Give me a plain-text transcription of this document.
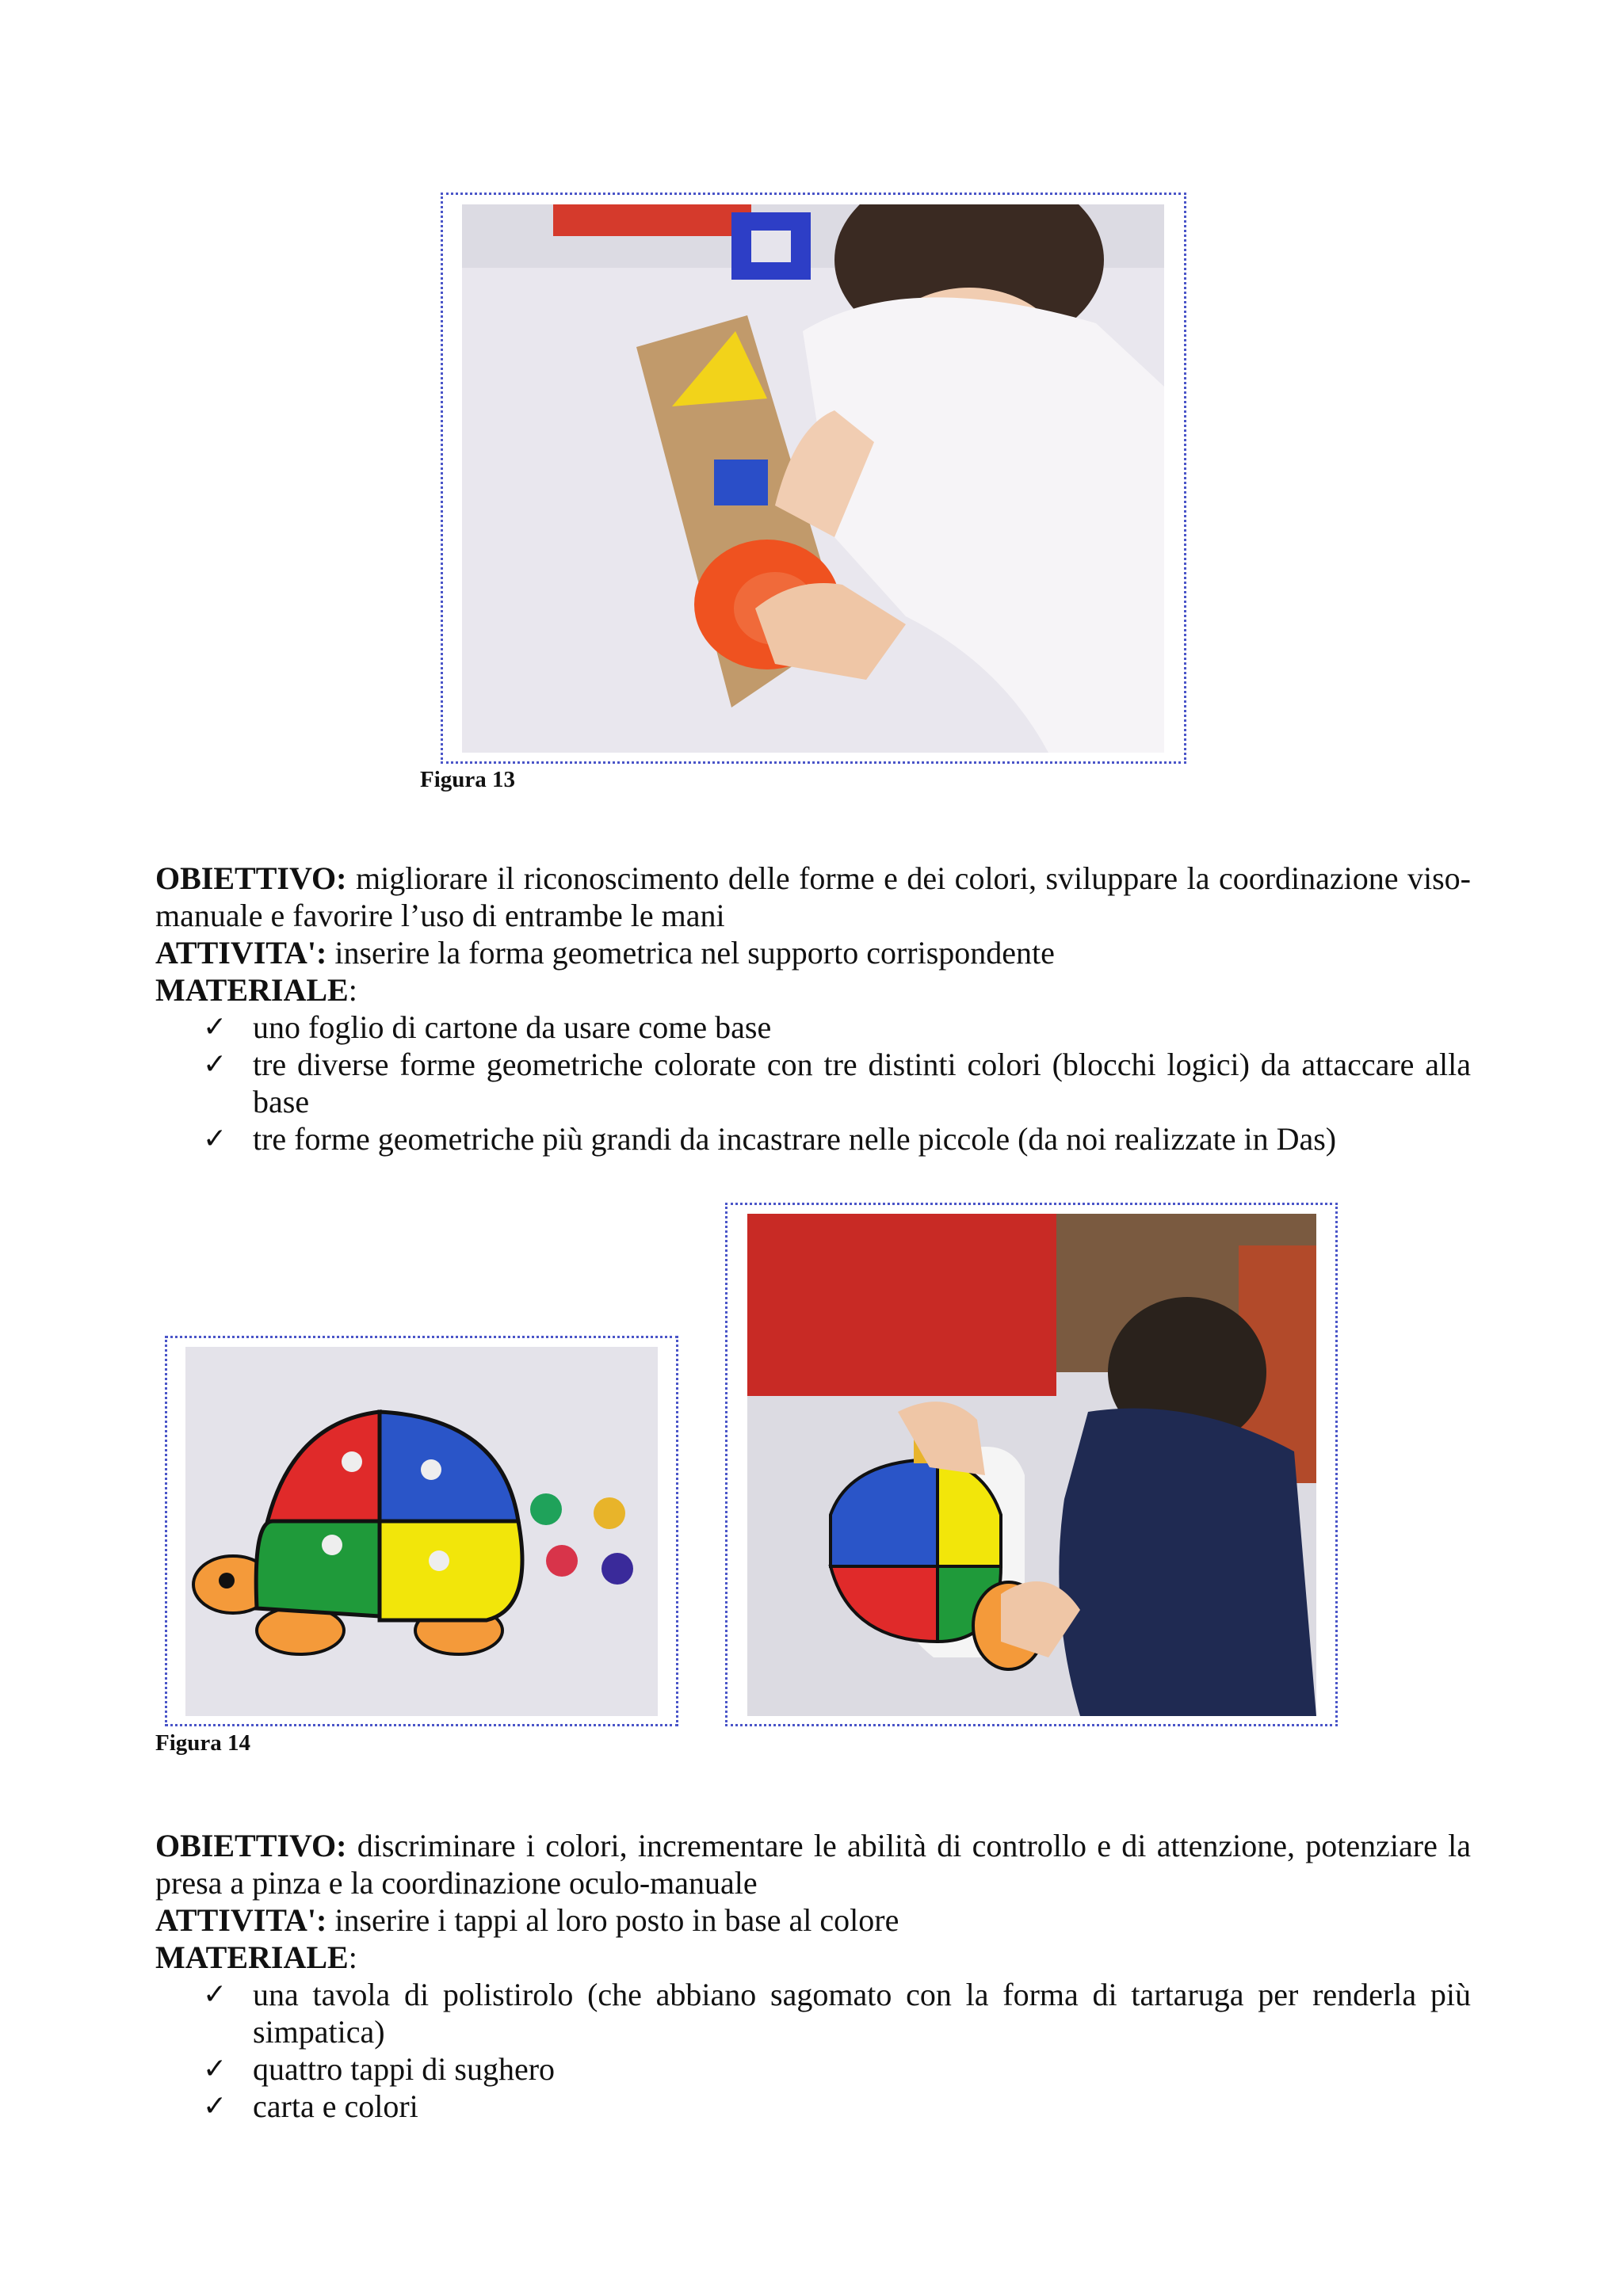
Figura 13

OBIETTIVO: migliorare il riconoscimento delle forme e dei colori, sviluppare la coordinazione viso-manuale e favorire l’uso di entrambe le mani

ATTIVITA': inserire la forma geometrica nel supporto corrispondente

MATERIALE:

✓ uno foglio di cartone da usare come base
✓ tre diverse forme geometriche colorate con tre distinti colori (blocchi logici) da attaccare alla base
✓ tre forme geometriche più grandi da incastrare nelle piccole (da noi realizzate in Das)

Figura 14

OBIETTIVO: discriminare i colori, incrementare le abilità di controllo e di attenzione, potenziare la presa a pinza e la coordinazione oculo-manuale

ATTIVITA': inserire i tappi al loro posto in base al colore

MATERIALE:

✓ una tavola di polistirolo (che abbiano sagomato con la forma di tartaruga per renderla più simpatica)
✓ quattro tappi di sughero
✓ carta e colori
